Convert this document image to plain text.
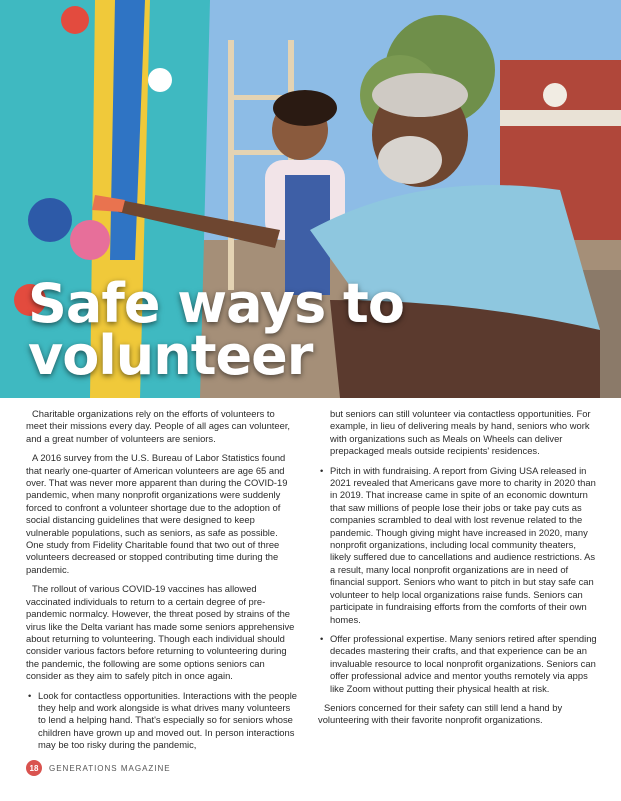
Safe ways to
volunteer

Charitable organizations rely on the efforts of volunteers to meet their missions every day. People of all ages can volunteer, and a great number of volunteers are seniors.

A 2016 survey from the U.S. Bureau of Labor Statistics found that nearly one-quarter of American volunteers are age 65 and over. That was never more apparent than during the COVID-19 pandemic, when many nonprofit organizations were suddenly forced to confront a volunteer shortage due to the adoption of social distancing guidelines that were designed to keep vulnerable populations, such as seniors, as safe as possible. One study from Fidelity Charitable found that two out of three volunteers decreased or stopped contributing time during the pandemic.

The rollout of various COVID-19 vaccines has allowed vaccinated individuals to return to a certain degree of pre-pandemic normalcy. However, the threat posed by strains of the virus like the Delta variant has made some seniors apprehensive about returning to volunteering. Though each individual should consider various factors before returning to volunteering during the pandemic, the following are some options seniors can consider as they aim to safely pitch in once again.

• Look for contactless opportunities. Interactions with the people they help and work alongside is what drives many volunteers to lend a helping hand. That's especially so for seniors whose children have grown up and moved out. In person interactions may be too risky during the pandemic,

but seniors can still volunteer via contactless opportunities. For example, in lieu of delivering meals by hand, seniors who work with organizations such as Meals on Wheels can deliver prepackaged meals outside recipients' residences.

• Pitch in with fundraising. A report from Giving USA released in 2021 revealed that Americans gave more to charity in 2020 than in 2019. That increase came in spite of an economic downturn that saw millions of people lose their jobs or take pay cuts as companies scrambled to deal with lost revenue related to the pandemic. Though giving might have increased in 2020, many nonprofit organizations, including local community theaters, likely suffered due to cancellations and audience restrictions. As a result, many local nonprofit organizations are in need of financial support. Seniors who want to pitch in but stay safe can volunteer to help local organizations raise funds. Seniors can participate in fundraising efforts from the comforts of their own homes.
• Offer professional expertise. Many seniors retired after spending decades mastering their crafts, and that experience can be an invaluable resource to local nonprofit organizations. Seniors can offer professional advice and mentor youths remotely via apps like Zoom without putting their physical health at risk.

Seniors concerned for their safety can still lend a hand by volunteering with their favorite nonprofit organizations.

18	GENERATIONS MAGAZINE
